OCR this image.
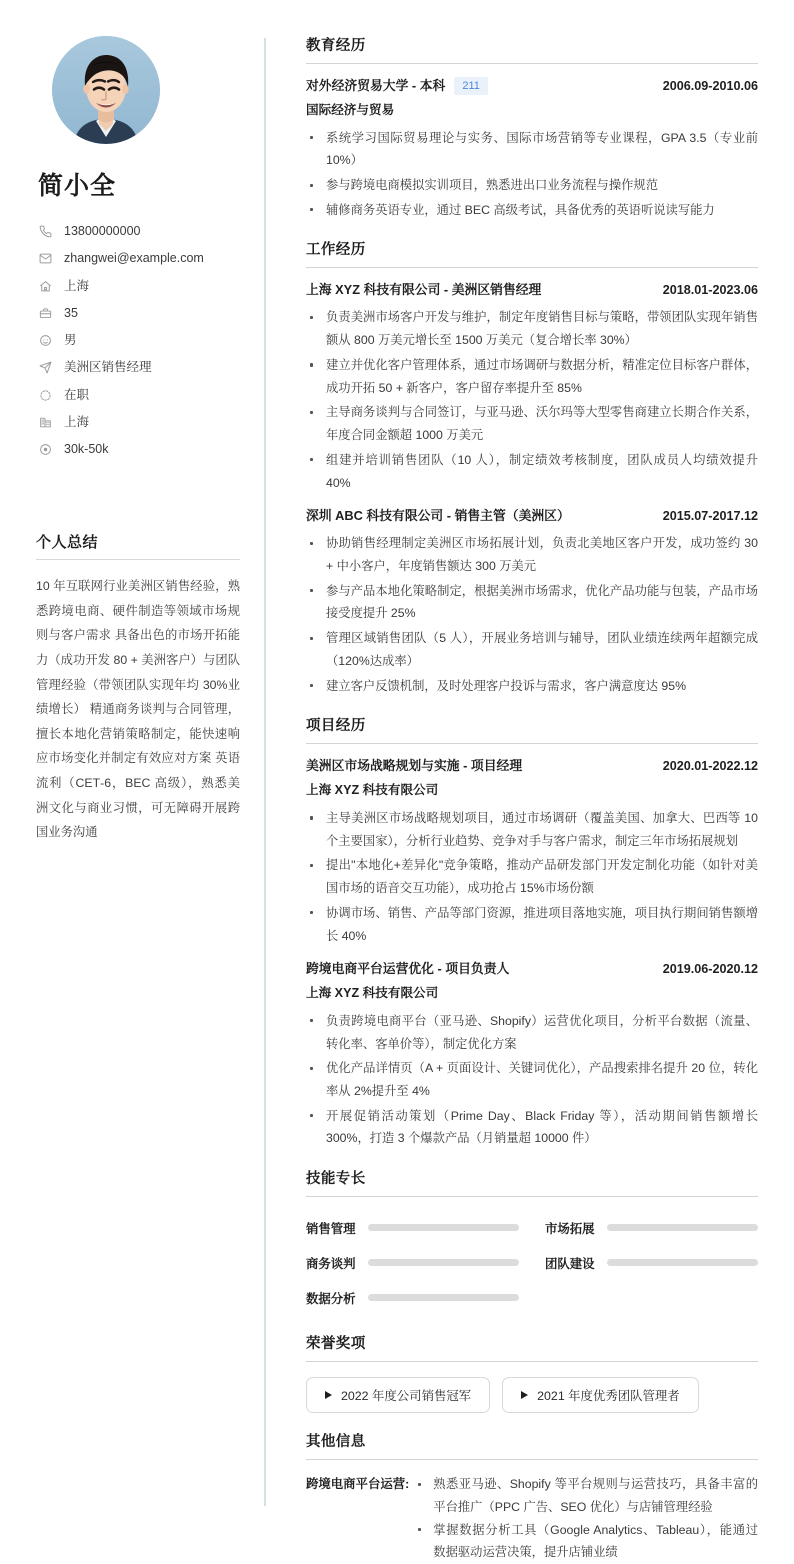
简小全
13800000000
zhangwei@example.com
上海
35
男
美洲区销售经理
在职
上海
30k-50k
个人总结

10 年互联网行业美洲区销售经验，熟悉跨境电商、硬件制造等领域市场规则与客户需求 具备出色的市场开拓能力（成功开发 80 + 美洲客户）与团队管理经验（带领团队实现年均 30%业绩增长） 精通商务谈判与合同管理，擅长本地化营销策略制定，能快速响应市场变化并制定有效应对方案 英语流利（CET‑6，BEC 高级），熟悉美洲文化与商业习惯，可无障碍开展跨国业务沟通

教育经历
对外经济贸易大学 - 本科	211	2006.09-2010.06
国际经济与贸易
系统学习国际贸易理论与实务、国际市场营销等专业课程，GPA 3.5（专业前 10%）
参与跨境电商模拟实训项目，熟悉进出口业务流程与操作规范
辅修商务英语专业，通过 BEC 高级考试，具备优秀的英语听说读写能力
工作经历
上海 XYZ 科技有限公司 - 美洲区销售经理	2018.01-2023.06
负责美洲市场客户开发与维护，制定年度销售目标与策略，带领团队实现年销售额从 800 万美元增长至 1500 万美元（复合增长率 30%）
建立并优化客户管理体系，通过市场调研与数据分析，精准定位目标客户群体，成功开拓 50 + 新客户，客户留存率提升至 85%
主导商务谈判与合同签订，与亚马逊、沃尔玛等大型零售商建立长期合作关系，年度合同金额超 1000 万美元
组建并培训销售团队（10 人），制定绩效考核制度，团队成员人均绩效提升 40%
深圳 ABC 科技有限公司 - 销售主管（美洲区）	2015.07-2017.12
协助销售经理制定美洲区市场拓展计划，负责北美地区客户开发，成功签约 30 + 中小客户，年度销售额达 300 万美元
参与产品本地化策略制定，根据美洲市场需求，优化产品功能与包装，产品市场接受度提升 25%
管理区域销售团队（5 人），开展业务培训与辅导，团队业绩连续两年超额完成（120%达成率）
建立客户反馈机制，及时处理客户投诉与需求，客户满意度达 95%
项目经历
美洲区市场战略规划与实施 - 项目经理	2020.01-2022.12
上海 XYZ 科技有限公司
主导美洲区市场战略规划项目，通过市场调研（覆盖美国、加拿大、巴西等 10 个主要国家），分析行业趋势、竞争对手与客户需求，制定三年市场拓展规划
提出"本地化+差异化"竞争策略，推动产品研发部门开发定制化功能（如针对美国市场的语音交互功能），成功抢占 15%市场份额
协调市场、销售、产品等部门资源，推进项目落地实施，项目执行期间销售额增长 40%
跨境电商平台运营优化 - 项目负责人	2019.06-2020.12
上海 XYZ 科技有限公司
负责跨境电商平台（亚马逊、Shopify）运营优化项目，分析平台数据（流量、转化率、客单价等），制定优化方案
优化产品详情页（A + 页面设计、关键词优化），产品搜索排名提升 20 位，转化率从 2%提升至 4%
开展促销活动策划（Prime Day、Black Friday 等），活动期间销售额增长 300%，打造 3 个爆款产品（月销量超 10000 件）
技能专长
销售管理	市场拓展
商务谈判	团队建设
数据分析
荣誉奖项
2022 年度公司销售冠军	2021 年度优秀团队管理者
其他信息
跨境电商平台运营:	熟悉亚马逊、Shopify 等平台规则与运营技巧，具备丰富的平台推广（PPC 广告、SEO 优化）与店铺管理经验
掌握数据分析工具（Google Analytics、Tableau），能通过数据驱动运营决策，提升店铺业绩
